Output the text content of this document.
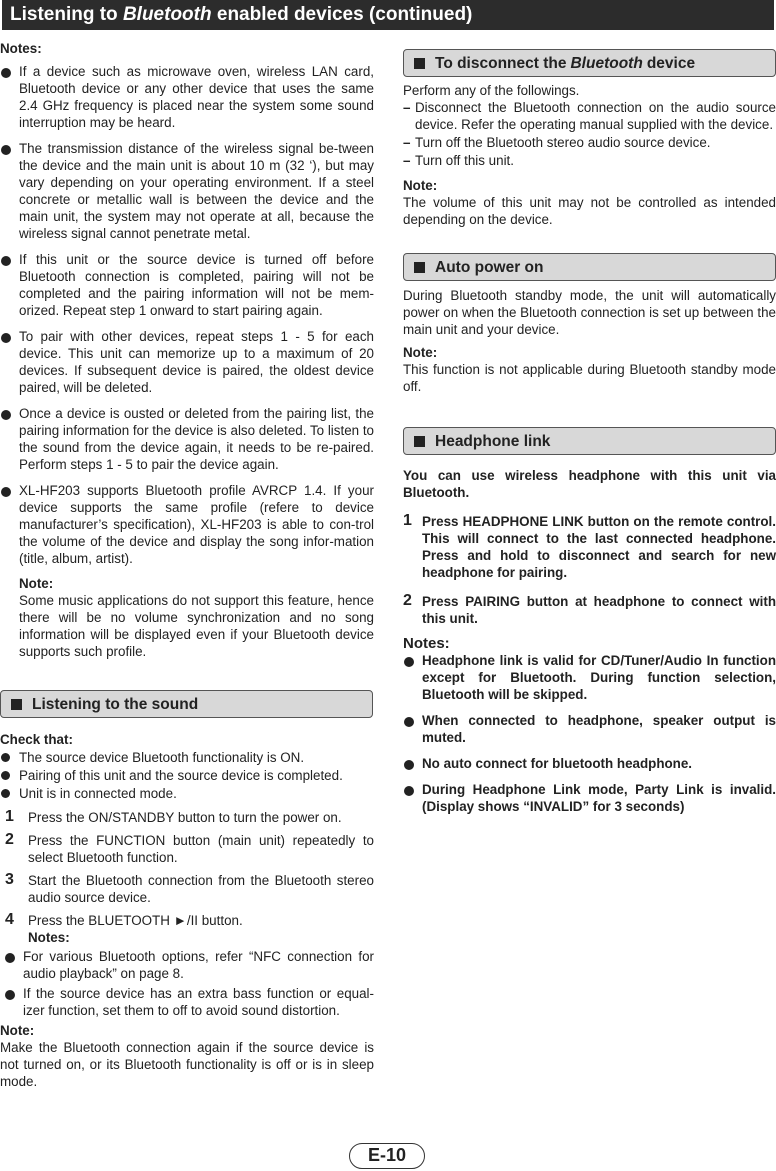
Listening to Bluetooth enabled devices (continued)
Notes:
If a device such as microwave oven, wireless LAN card, Bluetooth device or any other device that uses the same 2.4 GHz frequency is placed near the system some sound interruption may be heard.
The transmission distance of the wireless signal be-tween the device and the main unit is about 10 m (32 ‘), but may vary depending on your operating environment. If a steel concrete or metallic wall is between the device and the main unit, the system may not operate at all, because the wireless signal cannot penetrate metal.
If this unit or the source device is turned off before Bluetooth connection is completed, pairing will not be completed and the pairing information will not be mem-orized. Repeat step 1 onward to start pairing again.
To pair with other devices, repeat steps 1 - 5 for each device. This unit can memorize up to a maximum of 20 devices. If subsequent device is paired, the oldest device paired, will be deleted.
Once a device is ousted or deleted from the pairing list, the pairing information for the device is also deleted. To listen to the sound from the device again, it needs to be re-paired. Perform steps 1 - 5 to pair the device again.
XL-HF203 supports Bluetooth profile AVRCP 1.4. If your device supports the same profile (refere to device manufacturer’s specification), XL-HF203 is able to con-trol the volume of the device and display the song infor-mation (title, album, artist).
Note:

Some music applications do not support this feature, hence there will be no volume synchronization and no song information will be displayed even if your Bluetooth device supports such profile.

Listening to the sound
Check that:
The source device Bluetooth functionality is ON.
Pairing of this unit and the source device is completed.
Unit is in connected mode.
1 Press the ON/STANDBY button to turn the power on.
2 Press the FUNCTION button (main unit) repeatedly to select Bluetooth function.
3 Start the Bluetooth connection from the Bluetooth stereo audio source device.
4 Press the BLUETOOTH ►/II button.
Notes:
For various Bluetooth options, refer “NFC connection for audio playback” on page 8.
If the source device has an extra bass function or equal-izer function, set them to off to avoid sound distortion.
Note:

Make the Bluetooth connection again if the source device is not turned on, or its Bluetooth functionality is off or is in sleep mode.

To disconnect the Bluetooth device

Perform any of the followings.

– Disconnect the Bluetooth connection on the audio source device. Refer the operating manual supplied with the device.
– Turn off the Bluetooth stereo audio source device.
– Turn off this unit.
Note:

The volume of this unit may not be controlled as intended depending on the device.

Auto power on

During Bluetooth standby mode, the unit will automatically power on when the Bluetooth connection is set up between the main unit and your device.

Note:

This function is not applicable during Bluetooth standby mode off.

Headphone link

You can use wireless headphone with this unit via Bluetooth.

1 Press HEADPHONE LINK button on the remote control. This will connect to the last connected headphone. Press and hold to disconnect and search for new headphone for pairing.
2 Press PAIRING button at headphone to connect with this unit.
Notes:
Headphone link is valid for CD/Tuner/Audio In function except for Bluetooth. During function selection, Bluetooth will be skipped.
When connected to headphone, speaker output is muted.
No auto connect for bluetooth headphone.
During Headphone Link mode, Party Link is invalid. (Display shows “INVALID” for 3 seconds)
E-10
